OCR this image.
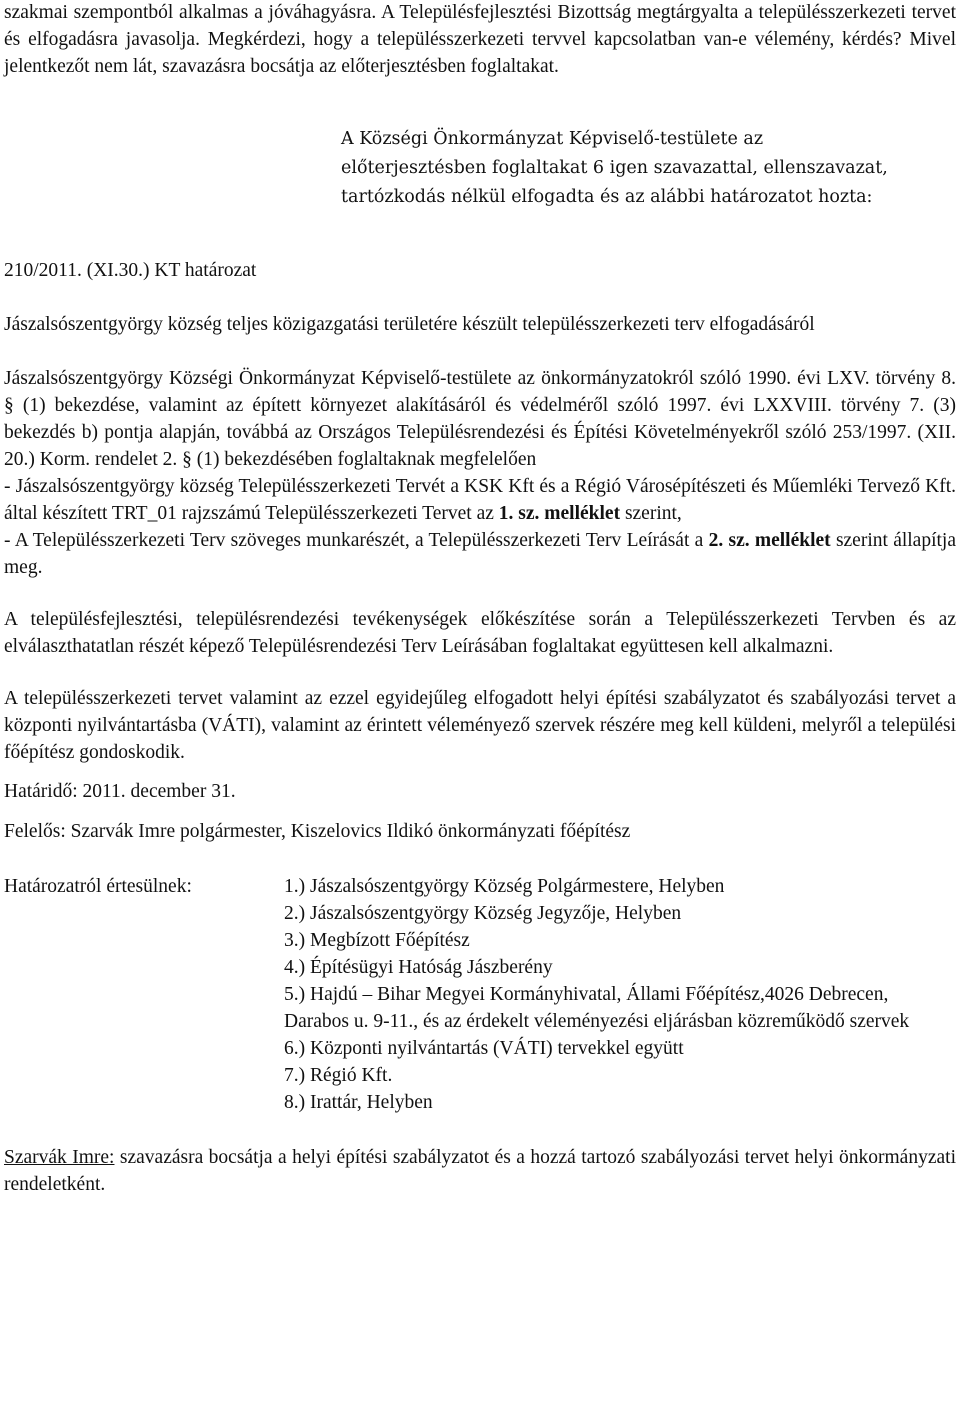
szakmai szempontból alkalmas a jóváhagyásra. A Településfejlesztési Bizottság megtárgyalta a településszerkezeti tervet és elfogadásra javasolja. Megkérdezi, hogy a településszerkezeti tervvel kapcsolatban van-e vélemény, kérdés? Mivel jelentkezőt nem lát, szavazásra bocsátja az előterjesztésben foglaltakat.

A Községi Önkormányzat Képviselő-testülete az előterjesztésben foglaltakat 6 igen szavazattal, ellenszavazat, tartózkodás nélkül elfogadta és az alábbi határozatot hozta:

210/2011. (XI.30.) KT határozat

Jászalsószentgyörgy község teljes közigazgatási területére készült településszerkezeti terv elfogadásáról

Jászalsószentgyörgy Községi Önkormányzat Képviselő-testülete az önkormányzatokról szóló 1990. évi LXV. törvény 8. § (1) bekezdése, valamint az épített környezet alakításáról és védelméről szóló 1997. évi LXXVIII. törvény 7. (3) bekezdés b) pontja alapján, továbbá az Országos Településrendezési és Építési Követelményekről szóló 253/1997. (XII. 20.) Korm. rendelet 2. § (1) bekezdésében foglaltaknak megfelelően

- Jászalsószentgyörgy község Településszerkezeti Tervét a KSK Kft és a Régió Városépítészeti és Műemléki Tervező Kft. által készített TRT_01 rajzszámú Településszerkezeti Tervet az 1. sz. melléklet szerint,

- A Településszerkezeti Terv szöveges munkarészét, a Településszerkezeti Terv Leírását a 2. sz. melléklet szerint állapítja meg.

A településfejlesztési, településrendezési tevékenységek előkészítése során a Településszerkezeti Tervben és az elválaszthatatlan részét képező Településrendezési Terv Leírásában foglaltakat együttesen kell alkalmazni.

A településszerkezeti tervet valamint az ezzel egyidejűleg elfogadott helyi építési szabályzatot és szabályozási tervet a központi nyilvántartásba (VÁTI), valamint az érintett véleményező szervek részére meg kell küldeni, melyről a települési főépítész gondoskodik.

Határidő: 2011. december 31.
Felelős: Szarvák Imre polgármester, Kiszelovics Ildikó önkormányzati főépítész
Határozatról értesülnek:	1.) Jászalsószentgyörgy Község Polgármestere, Helyben
2.) Jászalsószentgyörgy Község Jegyzője, Helyben
3.) Megbízott Főépítész
4.) Építésügyi Hatóság Jászberény
5.) Hajdú – Bihar Megyei Kormányhivatal, Állami Főépítész,4026 Debrecen, Darabos u. 9-11., és az érdekelt véleményezési eljárásban közreműködő szervek
6.) Központi nyilvántartás (VÁTI) tervekkel együtt
7.) Régió Kft.
8.) Irattár, Helyben

Szarvák Imre: szavazásra bocsátja a helyi építési szabályzatot és a hozzá tartozó szabályozási tervet helyi önkormányzati rendeletként.
